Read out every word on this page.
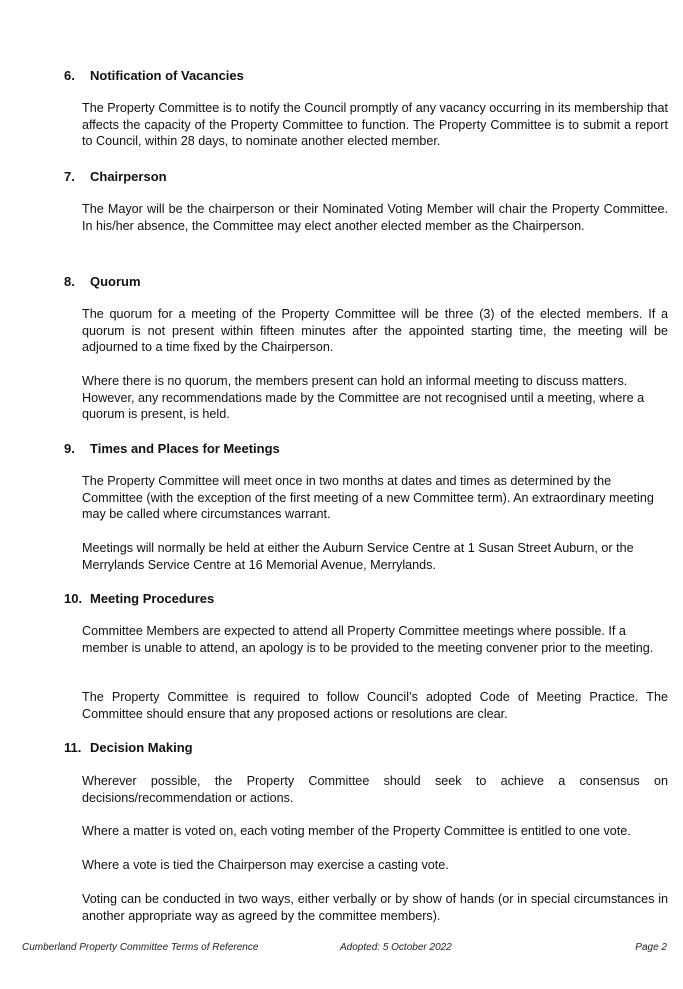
6. Notification of Vacancies
The Property Committee is to notify the Council promptly of any vacancy occurring in its membership that affects the capacity of the Property Committee to function. The Property Committee is to submit a report to Council, within 28 days, to nominate another elected member.
7. Chairperson
The Mayor will be the chairperson or their Nominated Voting Member will chair the Property Committee. In his/her absence, the Committee may elect another elected member as the Chairperson.
8. Quorum
The quorum for a meeting of the Property Committee will be three (3) of the elected members. If a quorum is not present within fifteen minutes after the appointed starting time, the meeting will be adjourned to a time fixed by the Chairperson.
Where there is no quorum, the members present can hold an informal meeting to discuss matters. However, any recommendations made by the Committee are not recognised until a meeting, where a quorum is present, is held.
9. Times and Places for Meetings
The Property Committee will meet once in two months at dates and times as determined by the Committee (with the exception of the first meeting of a new Committee term). An extraordinary meeting may be called where circumstances warrant.
Meetings will normally be held at either the Auburn Service Centre at 1 Susan Street Auburn, or the Merrylands Service Centre at 16 Memorial Avenue, Merrylands.
10. Meeting Procedures
Committee Members are expected to attend all Property Committee meetings where possible. If a member is unable to attend, an apology is to be provided to the meeting convener prior to the meeting.
The Property Committee is required to follow Council’s adopted Code of Meeting Practice. The Committee should ensure that any proposed actions or resolutions are clear.
11. Decision Making
Wherever possible, the Property Committee should seek to achieve a consensus on decisions/recommendation or actions.
Where a matter is voted on, each voting member of the Property Committee is entitled to one vote.
Where a vote is tied the Chairperson may exercise a casting vote.
Voting can be conducted in two ways, either verbally or by show of hands (or in special circumstances in another appropriate way as agreed by the committee members).
Cumberland Property Committee Terms of Reference	Adopted: 5 October 2022	Page 2
